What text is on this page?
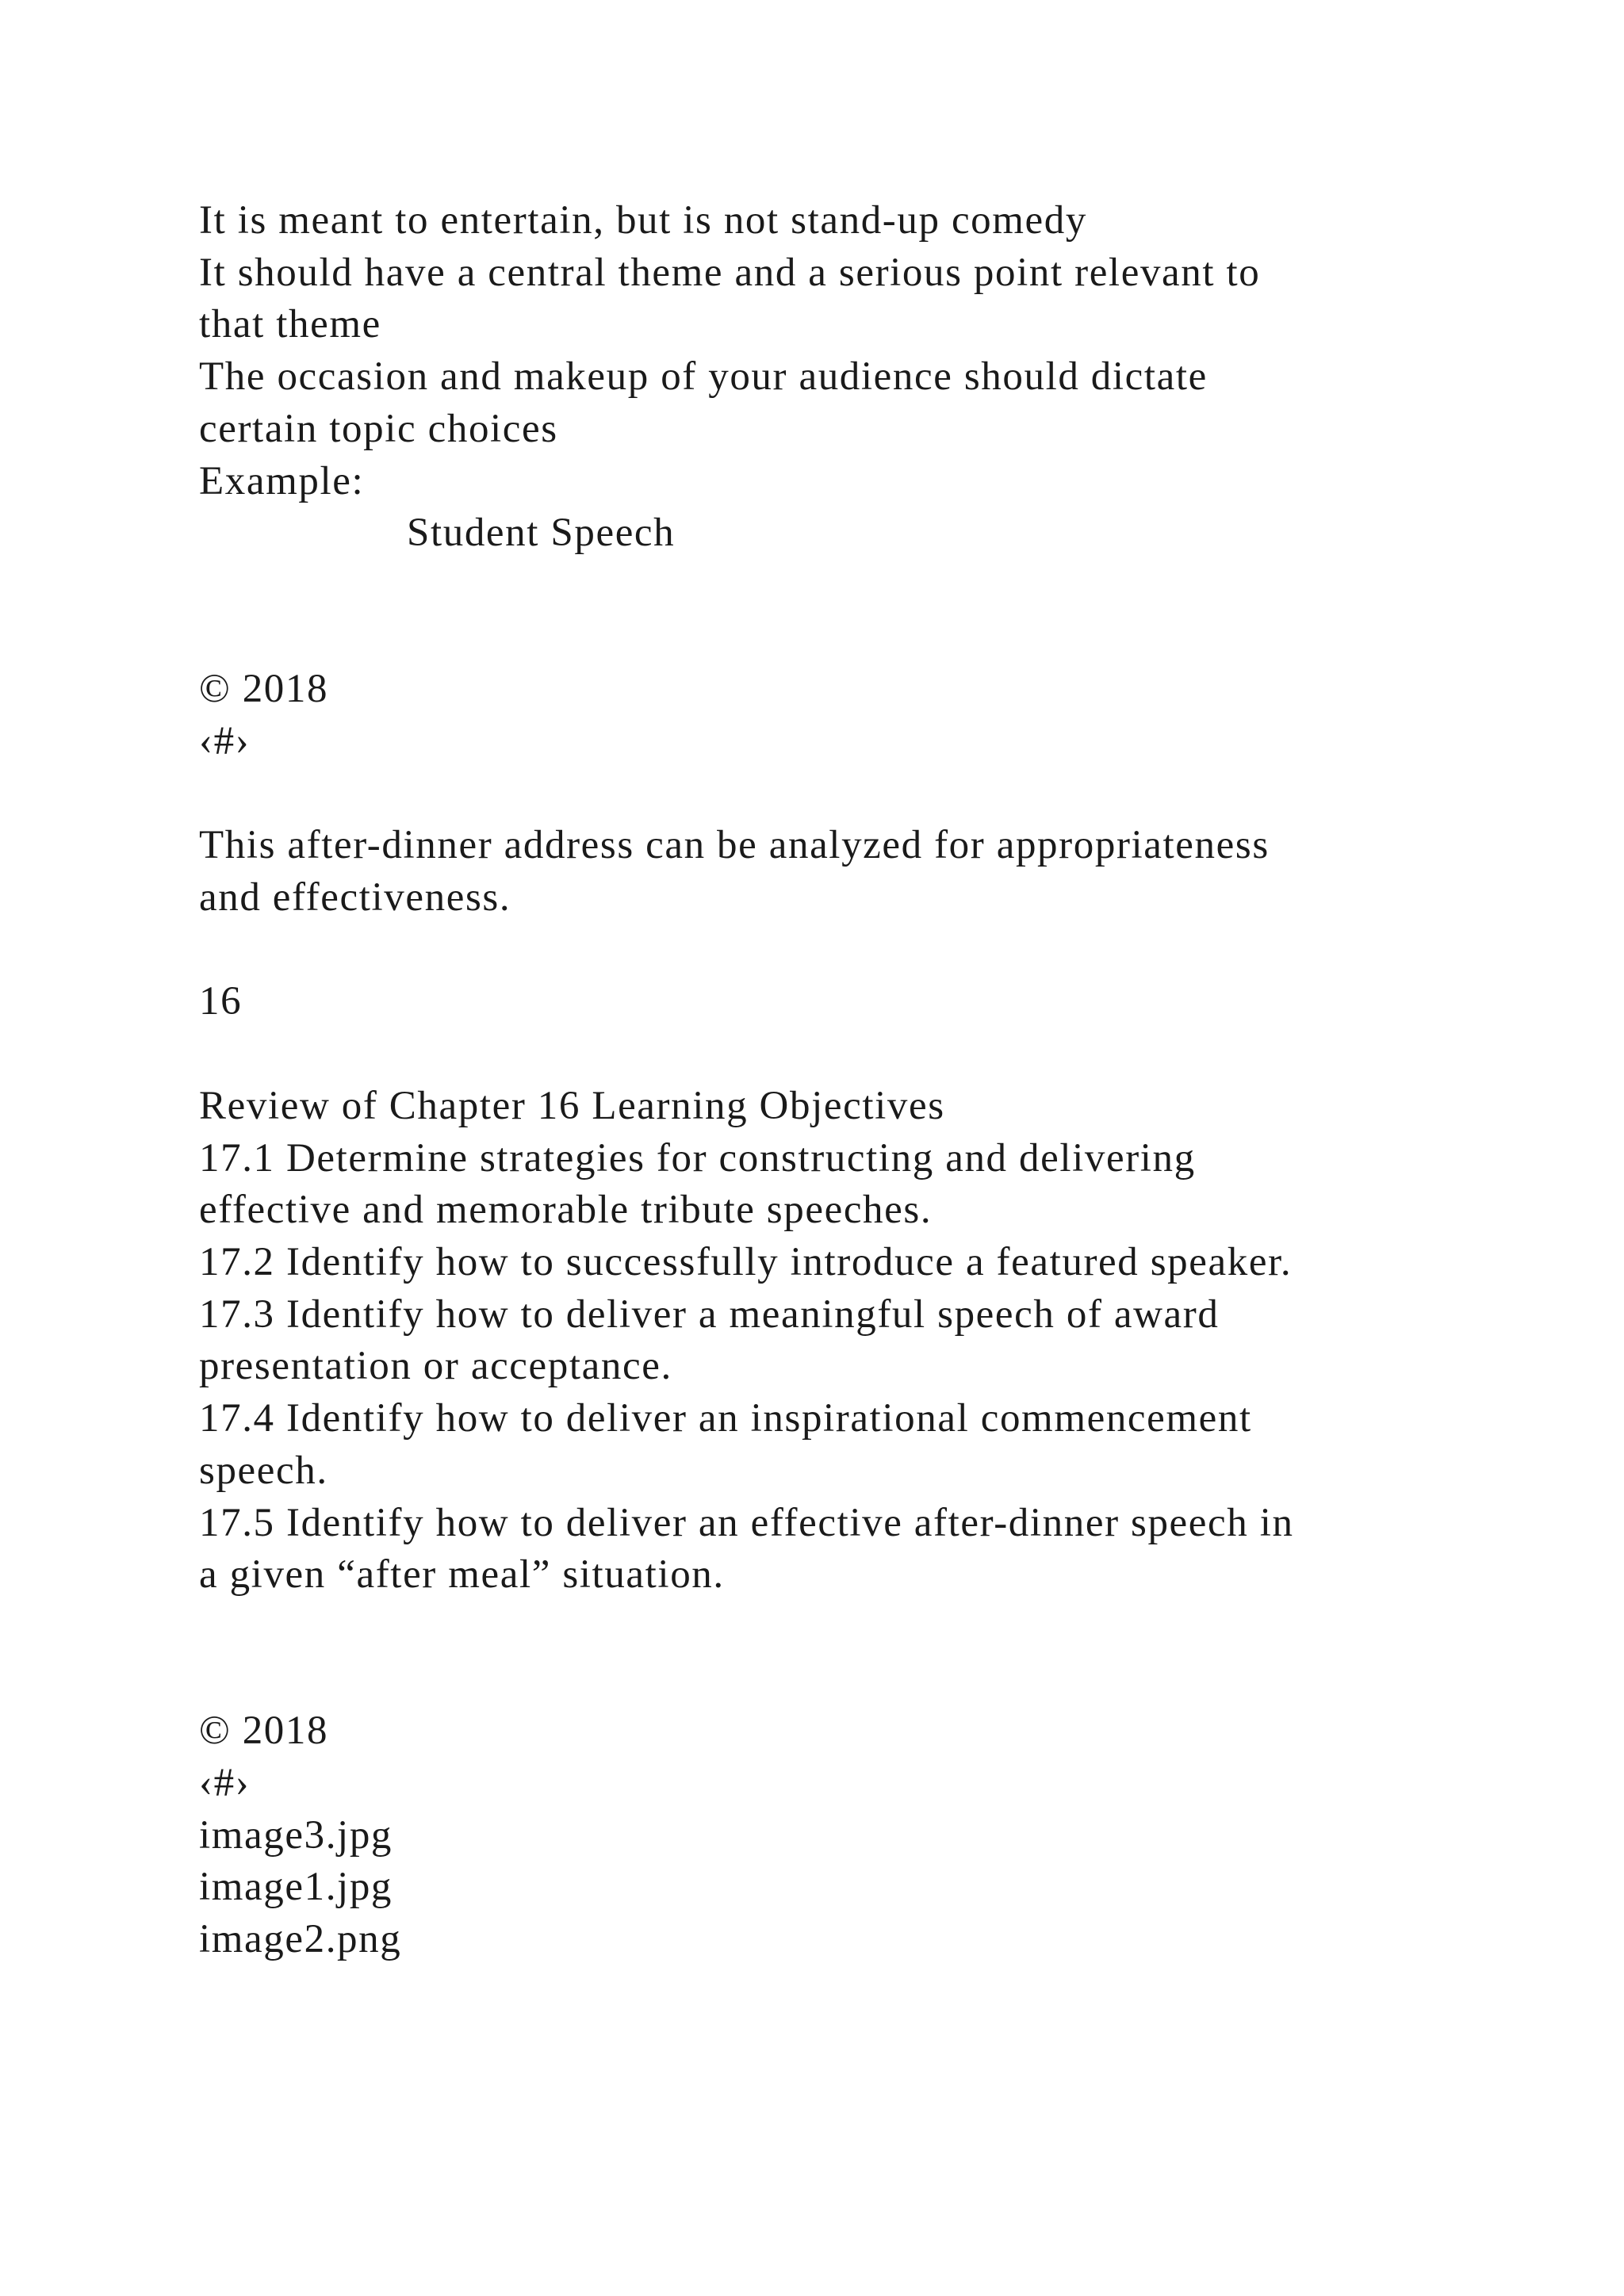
It is meant to entertain, but is not stand-up comedy
It should have a central theme and a serious point relevant to
that theme
The occasion and makeup of your audience should dictate
certain topic choices
Example:
Student Speech
© 2018
‹#›
This after-dinner address can be analyzed for appropriateness
and effectiveness.
16
Review of Chapter 16 Learning Objectives
17.1 Determine strategies for constructing and delivering
effective and memorable tribute speeches.
17.2 Identify how to successfully introduce a featured speaker.
17.3 Identify how to deliver a meaningful speech of award
presentation or acceptance.
17.4 Identify how to deliver an inspirational commencement
speech.
17.5 Identify how to deliver an effective after-dinner speech in
a given “after meal” situation.
© 2018
‹#›
image3.jpg
image1.jpg
image2.png
